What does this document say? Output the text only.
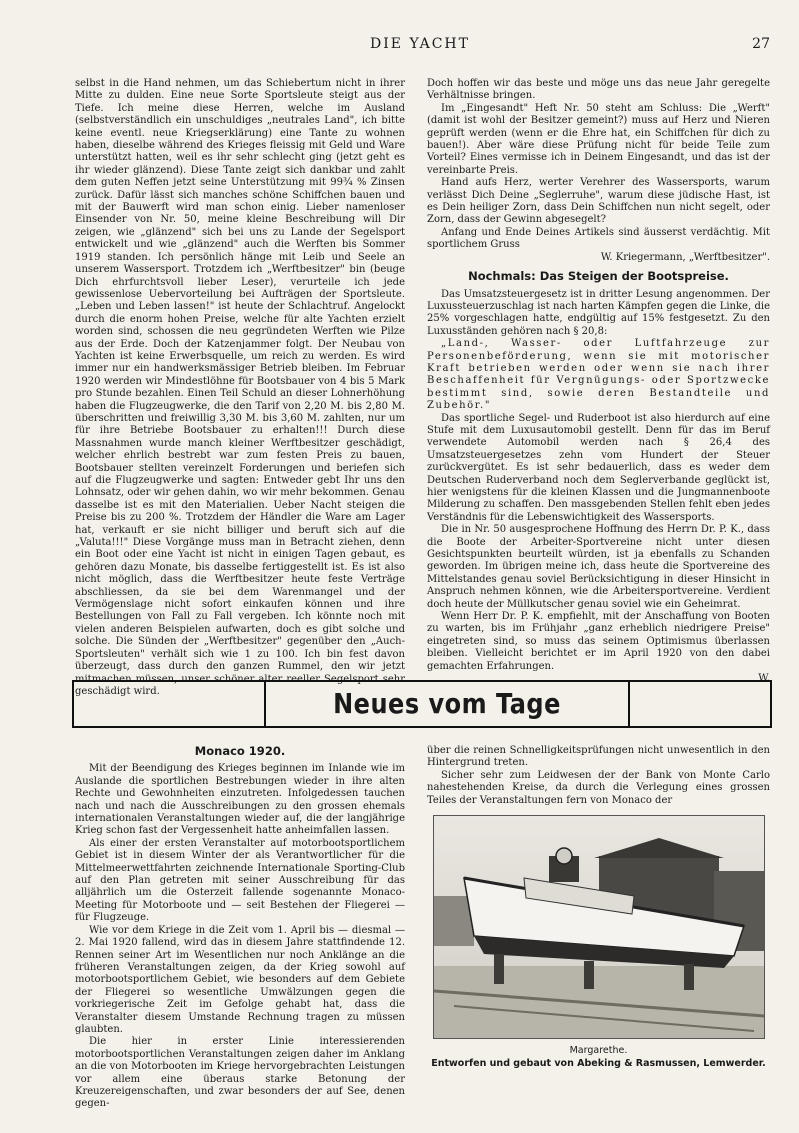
DIE YACHT	27

selbst in die Hand nehmen, um das Schiebertum nicht in ihrer Mitte zu dulden. Eine neue Sorte Sportsleute steigt aus der Tiefe. Ich meine diese Herren, welche im Ausland (selbstverständlich ein unschuldiges „neutrales Land", ich bitte keine eventl. neue Kriegserklärung) eine Tante zu wohnen haben, dieselbe während des Krieges fleissig mit Geld und Ware unterstützt hatten, weil es ihr sehr schlecht ging (jetzt geht es ihr wieder glänzend). Diese Tante zeigt sich dankbar und zahlt dem guten Neffen jetzt seine Unterstützung mit 99¾ % Zinsen zurück. Dafür lässt sich manches schöne Schiffchen bauen und mit der Bauwerft wird man schon einig. Lieber namenloser Einsender von Nr. 50, meine kleine Beschreibung will Dir zeigen, wie „glänzend" sich bei uns zu Lande der Segelsport entwickelt und wie „glänzend" auch die Werften bis Sommer 1919 standen. Ich persönlich hänge mit Leib und Seele an unserem Wassersport. Trotzdem ich „Werftbesitzer" bin (beuge Dich ehrfurchtsvoll lieber Leser), verurteile ich jede gewissenlose Uebervorteilung bei Aufträgen der Sportsleute. „Leben und Leben lassen!" ist heute der Schlachtruf. Angelockt durch die enorm hohen Preise, welche für alte Yachten erzielt worden sind, schossen die neu gegründeten Werften wie Pilze aus der Erde. Doch der Katzenjammer folgt. Der Neubau von Yachten ist keine Erwerbsquelle, um reich zu werden. Es wird immer nur ein handwerksmässiger Betrieb bleiben. Im Februar 1920 werden wir Mindestlöhne für Bootsbauer von 4 bis 5 Mark pro Stunde bezahlen. Einen Teil Schuld an dieser Lohnerhöhung haben die Flugzeugwerke, die den Tarif von 2,20 M. bis 2,80 M. überschritten und freiwillig 3,30 M. bis 3,60 M. zahlten, nur um für ihre Betriebe Bootsbauer zu erhalten!!! Durch diese Massnahmen wurde manch kleiner Werftbesitzer geschädigt, welcher ehrlich bestrebt war zum festen Preis zu bauen, Bootsbauer stellten vereinzelt Forderungen und beriefen sich auf die Flugzeugwerke und sagten: Entweder gebt Ihr uns den Lohnsatz, oder wir gehen dahin, wo wir mehr bekommen. Genau dasselbe ist es mit den Materialien. Ueber Nacht steigen die Preise bis zu 200 %. Trotzdem der Händler die Ware am Lager hat, verkauft er sie nicht billiger und beruft sich auf die „Valuta!!!" Diese Vorgänge muss man in Betracht ziehen, denn ein Boot oder eine Yacht ist nicht in einigen Tagen gebaut, es gehören dazu Monate, bis dasselbe fertiggestellt ist. Es ist also nicht möglich, dass die Werftbesitzer heute feste Verträge abschliessen, da sie bei dem Warenmangel und der Vermögenslage nicht sofort einkaufen können und ihre Bestellungen von Fall zu Fall vergeben. Ich könnte noch mit vielen anderen Beispielen aufwarten, doch es gibt solche und solche. Die Sünden der „Werftbesitzer" gegenüber den „Auch-Sportsleuten" verhält sich wie 1 zu 100. Ich bin fest davon überzeugt, dass durch den ganzen Rummel, den wir jetzt mitmachen müssen, unser schöner alter reeller Segelsport sehr geschädigt wird.

Doch hoffen wir das beste und möge uns das neue Jahr geregelte Verhältnisse bringen.

Im „Eingesandt" Heft Nr. 50 steht am Schluss: Die „Werft" (damit ist wohl der Besitzer gemeint?) muss auf Herz und Nieren geprüft werden (wenn er die Ehre hat, ein Schiffchen für dich zu bauen!). Aber wäre diese Prüfung nicht für beide Teile zum Vorteil? Eines vermisse ich in Deinem Eingesandt, und das ist der vereinbarte Preis.

Hand aufs Herz, werter Verehrer des Wassersports, warum verlässt Dich Deine „Seglerruhe", warum diese jüdische Hast, ist es Dein heiliger Zorn, dass Dein Schiffchen nun nicht segelt, oder Zorn, dass der Gewinn abgesegelt?

Anfang und Ende Deines Artikels sind äusserst verdächtig. Mit sportlichem Gruss

W. Kriegermann, „Werftbesitzer".

Nochmals: Das Steigen der Bootspreise.

Das Umsatzsteuergesetz ist in dritter Lesung angenommen. Der Luxussteuerzuschlag ist nach harten Kämpfen gegen die Linke, die 25% vorgeschlagen hatte, endgültig auf 15% festgesetzt. Zu den Luxusständen gehören nach § 20,8:

„Land-, Wasser- oder Luftfahrzeuge zur Personenbeförderung, wenn sie mit motorischer Kraft betrieben werden oder wenn sie nach ihrer Beschaffenheit für Vergnügungs- oder Sportzwecke bestimmt sind, sowie deren Bestandteile und Zubehör."

Das sportliche Segel- und Ruderboot ist also hierdurch auf eine Stufe mit dem Luxusautomobil gestellt. Denn für das im Beruf verwendete Automobil werden nach § 26,4 des Umsatzsteuergesetzes zehn vom Hundert der Steuer zurückvergütet. Es ist sehr bedauerlich, dass es weder dem Deutschen Ruderverband noch dem Seglerverbande geglückt ist, hier wenigstens für die kleinen Klassen und die Jungmannenboote Milderung zu schaffen. Den massgebenden Stellen fehlt eben jedes Verständnis für die Lebenswichtigkeit des Wassersports.

Die in Nr. 50 ausgesprochene Hoffnung des Herrn Dr. P. K., dass die Boote der Arbeiter-Sportvereine nicht unter diesen Gesichtspunkten beurteilt würden, ist ja ebenfalls zu Schanden geworden. Im übrigen meine ich, dass heute die Sportvereine des Mittelstandes genau soviel Berücksichtigung in dieser Hinsicht in Anspruch nehmen können, wie die Arbeitersportvereine. Verdient doch heute der Müllkutscher genau soviel wie ein Geheimrat.

Wenn Herr Dr. P. K. empfiehlt, mit der Anschaffung von Booten zu warten, bis im Frühjahr „ganz erheblich niedrigere Preise" eingetreten sind, so muss das seinem Optimismus überlassen bleiben. Vielleicht berichtet er im April 1920 von den dabei gemachten Erfahrungen.

W.

Neues vom Tage
Monaco 1920.

Mit der Beendigung des Krieges beginnen im Inlande wie im Auslande die sportlichen Bestrebungen wieder in ihre alten Rechte und Gewohnheiten einzutreten. Infolgedessen tauchen nach und nach die Ausschreibungen zu den grossen ehemals internationalen Veranstaltungen wieder auf, die der langjährige Krieg schon fast der Vergessenheit hatte anheimfallen lassen.

Als einer der ersten Veranstalter auf motorbootsportlichem Gebiet ist in diesem Winter der als Verantwortlicher für die Mittelmeerwettfahrten zeichnende Internationale Sporting-Club auf den Plan getreten mit seiner Ausschreibung für das alljährlich um die Osterzeit fallende sogenannte Monaco-Meeting für Motorboote und — seit Bestehen der Fliegerei — für Flugzeuge.

Wie vor dem Kriege in die Zeit vom 1. April bis — diesmal — 2. Mai 1920 fallend, wird das in diesem Jahre stattfindende 12. Rennen seiner Art im Wesentlichen nur noch Anklänge an die früheren Veranstaltungen zeigen, da der Krieg sowohl auf motorbootsportlichem Gebiet, wie besonders auf dem Gebiete der Fliegerei so wesentliche Umwälzungen gegen die vorkriegerische Zeit im Gefolge gehabt hat, dass die Veranstalter diesem Umstande Rechnung tragen zu müssen glaubten.

Die hier in erster Linie interessierenden motorbootsportlichen Veranstaltungen zeigen daher im Anklang an die von Motorbooten im Kriege hervorgebrachten Leistungen vor allem eine überaus starke Betonung der Kreuzereigenschaften, und zwar besonders der auf See, denen gegen-

über die reinen Schnelligkeitsprüfungen nicht unwesentlich in den Hintergrund treten.

Sicher sehr zum Leidwesen der der Bank von Monte Carlo nahestehenden Kreise, da durch die Verlegung eines grossen Teiles der Veranstaltungen fern von Monaco der

Margarethe.
Entworfen und gebaut von Abeking & Rasmussen, Lemwerder.
